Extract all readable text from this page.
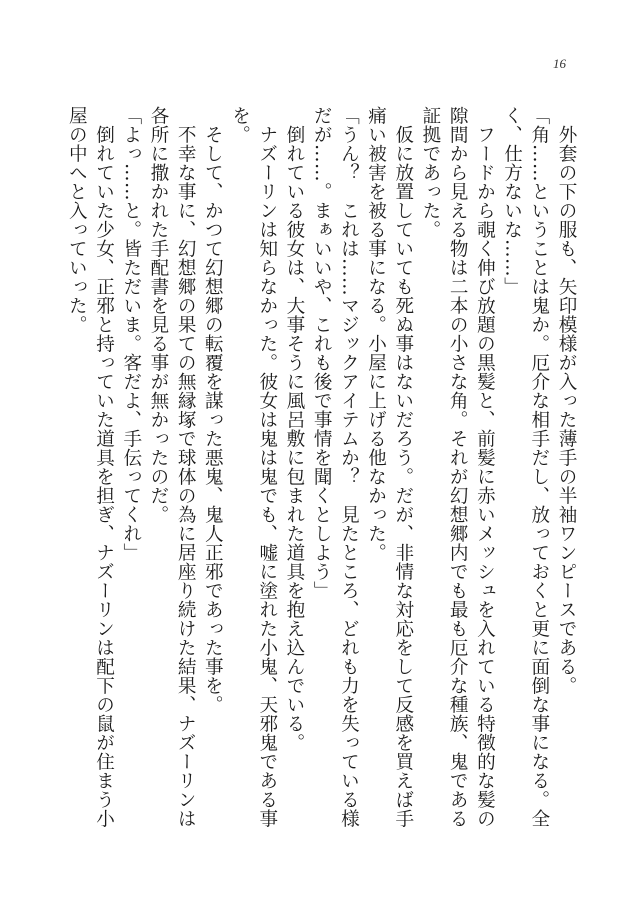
16

　外套の下の服も、矢印模様が入った薄手の半袖ワンピースである。

「角……ということは鬼か。厄介な相手だし、放っておくと更に面倒な事になる。全く、仕方ないな……」

　フードから覗く伸び放題の黒髪と、前髪に赤いメッシュを入れている特徴的な髪の隙間から見える物は二本の小さな角。それが幻想郷内でも最も厄介な種族、鬼である証拠であった。

　仮に放置していても死ぬ事はないだろう。だが、非情な対応をして反感を買えば手痛い被害を被る事になる。小屋に上げる他なかった。

「うん？　これは……マジックアイテムか？　見たところ、どれも力を失っている様だが……。まぁいいや、これも後で事情を聞くとしよう」

　倒れている彼女は、大事そうに風呂敷に包まれた道具を抱え込んでいる。

　ナズーリンは知らなかった。彼女は鬼は鬼でも、嘘に塗れた小鬼、天邪鬼である事を。

　そして、かつて幻想郷の転覆を謀った悪鬼、鬼人正邪であった事を。

　不幸な事に、幻想郷の果ての無縁塚で球体の為に居座り続けた結果、ナズーリンは各所に撒かれた手配書を見る事が無かったのだ。

「よっ……と。皆ただいま。客だよ、手伝ってくれ」

　倒れていた少女、正邪と持っていた道具を担ぎ、ナズーリンは配下の鼠が住まう小屋の中へと入っていった。
